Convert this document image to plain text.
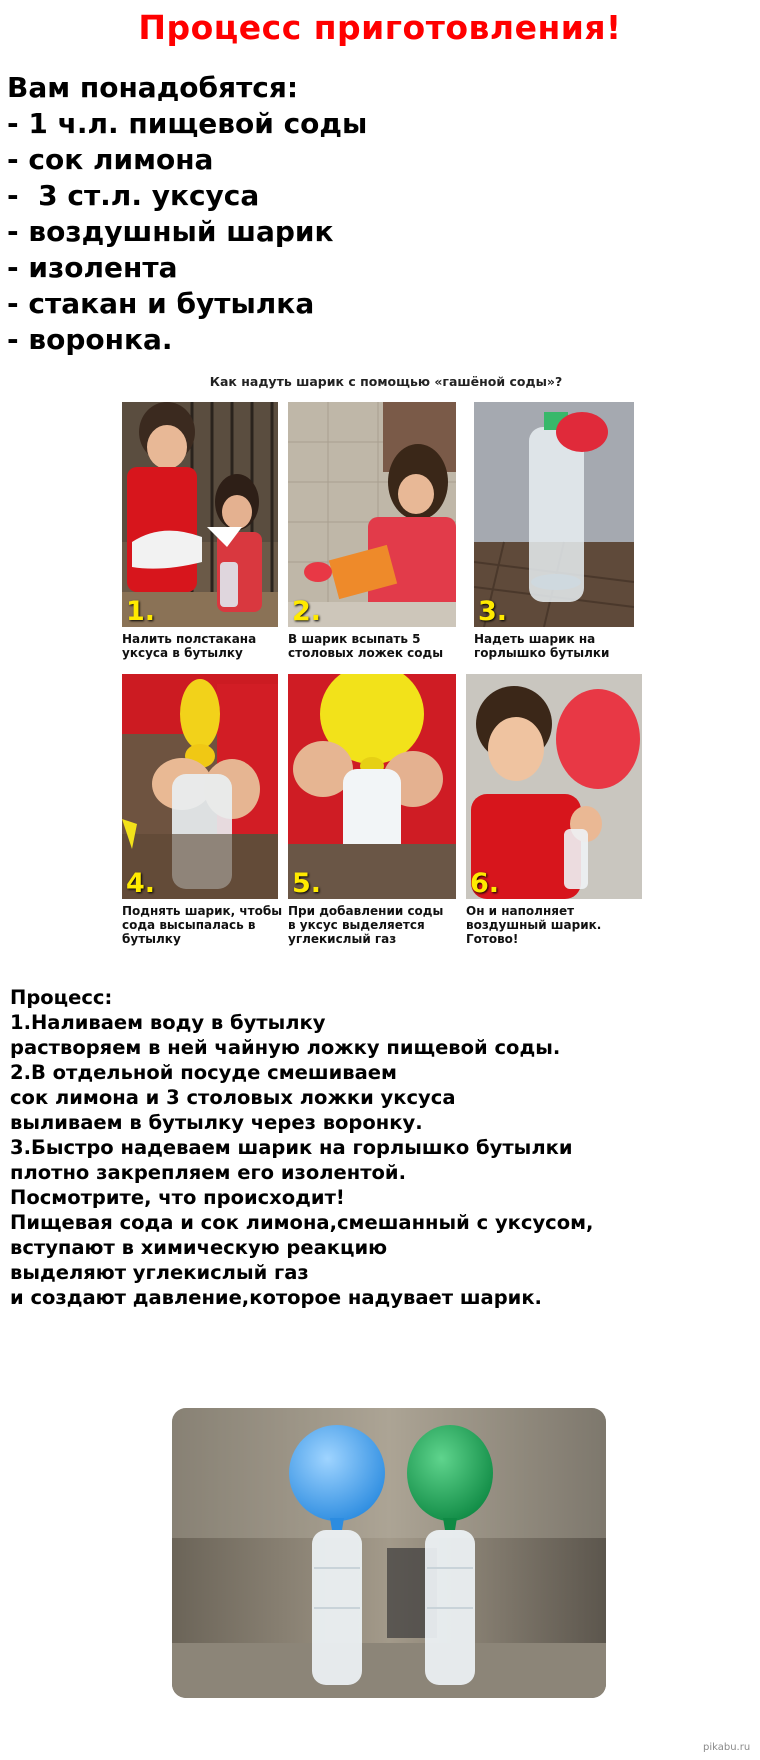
Процесс приготовления!
Вам понадобятся:
- 1 ч.л. пищевой соды
- сок лимона
-  3 ст.л. уксуса
- воздушный шарик
- изолента
- стакан и бутылка
- воронка.
Как надуть шарик с помощью «гашёной соды»?
1.
Налить полстакана
уксуса в бутылку
2.
В шарик всыпать 5
столовых ложек соды
3.
Надеть шарик на
горлышко бутылки
4.
Поднять шарик, чтобы
сода высыпалась в
бутылку
5.
При добавлении соды
в уксус выделяется
углекислый газ
6.
Он и наполняет
воздушный шарик.
Готово!
Процесс:
1.Наливаем воду в бутылку
растворяем в ней чайную ложку пищевой соды.
2.В отдельной посуде смешиваем
сок лимона и 3 столовых ложки уксуса
выливаем в бутылку через воронку.
3.Быстро надеваем шарик на горлышко бутылки
плотно закрепляем его изолентой.
Посмотрите, что происходит!
Пищевая сода и сок лимона,смешанный с уксусом,
вступают в химическую реакцию
выделяют углекислый газ
и создают давление,которое надувает шарик.
pikabu.ru
